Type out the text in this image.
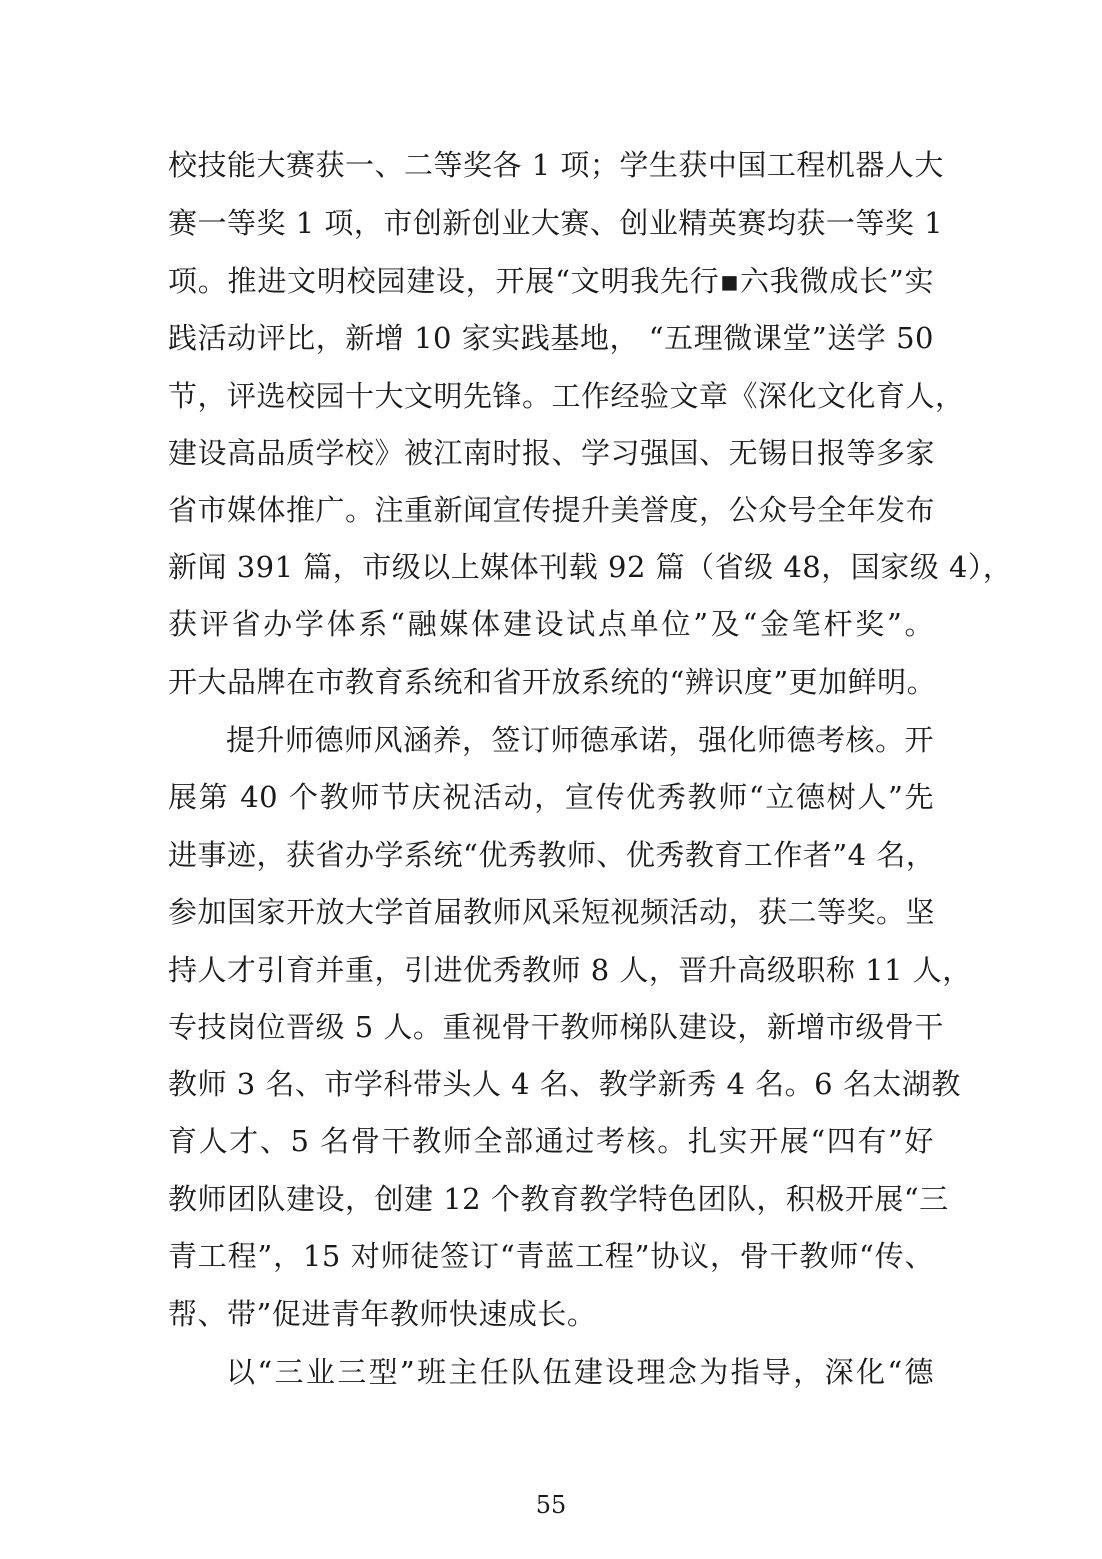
校技能大赛获一、二等奖各 1 项；学生获中国工程机器人大
赛一等奖 1 项，市创新创业大赛、创业精英赛均获一等奖 1
项。推进文明校园建设，开展“文明我先行▪六我微成长”实
践活动评比，新增 10 家实践基地， “五理微课堂”送学 50
节，评选校园十大文明先锋。工作经验文章《深化文化育人，
建设高品质学校》被江南时报、学习强国、无锡日报等多家
省市媒体推广。注重新闻宣传提升美誉度，公众号全年发布
新闻 391 篇，市级以上媒体刊载 92 篇（省级 48，国家级 4），
获评省办学体系“融媒体建设试点单位”及“金笔杆奖”。
开大品牌在市教育系统和省开放系统的“辨识度”更加鲜明。
提升师德师风涵养，签订师德承诺，强化师德考核。开
展第 40 个教师节庆祝活动，宣传优秀教师“立德树人”先
进事迹，获省办学系统“优秀教师、优秀教育工作者”4 名，
参加国家开放大学首届教师风采短视频活动，获二等奖。坚
持人才引育并重，引进优秀教师 8 人，晋升高级职称 11 人，
专技岗位晋级 5 人。重视骨干教师梯队建设，新增市级骨干
教师 3 名、市学科带头人 4 名、教学新秀 4 名。6 名太湖教
育人才、5 名骨干教师全部通过考核。扎实开展“四有”好
教师团队建设，创建 12 个教育教学特色团队，积极开展“三
青工程”，15 对师徒签订“青蓝工程”协议，骨干教师“传、
帮、带”促进青年教师快速成长。
以“三业三型”班主任队伍建设理念为指导，深化“德
55
